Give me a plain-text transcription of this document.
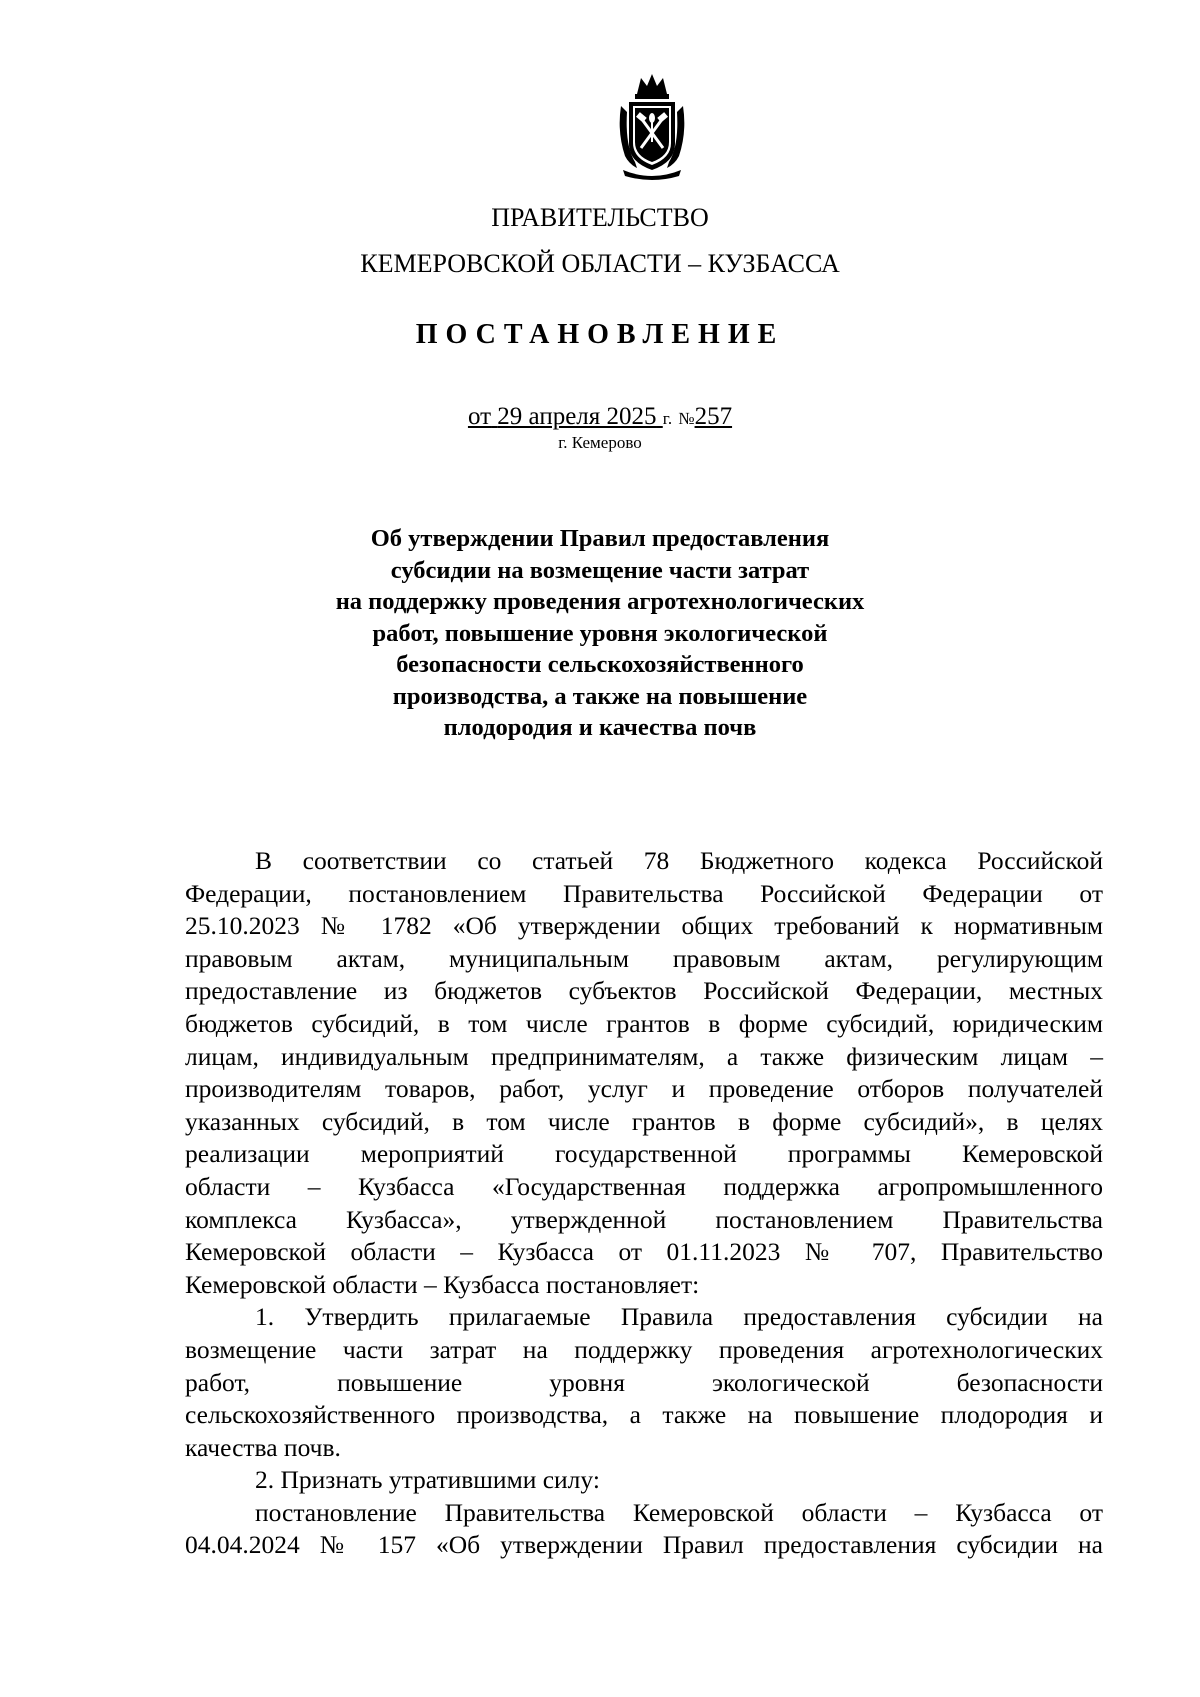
ПРАВИТЕЛЬСТВО
КЕМЕРОВСКОЙ ОБЛАСТИ – КУЗБАССА
ПОСТАНОВЛЕНИЕ
от 29 апреля 2025 г. №257
г. Кемерово
Об утверждении Правил предоставления
субсидии на возмещение части затрат
на поддержку проведения агротехнологических
работ, повышение уровня экологической
безопасности сельскохозяйственного
производства, а также на повышение
плодородия и качества почв
В соответствии со статьей 78 Бюджетного кодекса Российской
Федерации, постановлением Правительства Российской Федерации от
25.10.2023 № 1782 «Об утверждении общих требований к нормативным
правовым актам, муниципальным правовым актам, регулирующим
предоставление из бюджетов субъектов Российской Федерации, местных
бюджетов субсидий, в том числе грантов в форме субсидий, юридическим
лицам, индивидуальным предпринимателям, а также физическим лицам –
производителям товаров, работ, услуг и проведение отборов получателей
указанных субсидий, в том числе грантов в форме субсидий», в целях
реализации мероприятий государственной программы Кемеровской
области – Кузбасса «Государственная поддержка агропромышленного
комплекса Кузбасса», утвержденной постановлением Правительства
Кемеровской области – Кузбасса от 01.11.2023 № 707, Правительство
Кемеровской области – Кузбасса постановляет:
1. Утвердить прилагаемые Правила предоставления субсидии на
возмещение части затрат на поддержку проведения агротехнологических
работ, повышение уровня экологической безопасности
сельскохозяйственного производства, а также на повышение плодородия и
качества почв.
2. Признать утратившими силу:
постановление Правительства Кемеровской области – Кузбасса от
04.04.2024 № 157 «Об утверждении Правил предоставления субсидии на
